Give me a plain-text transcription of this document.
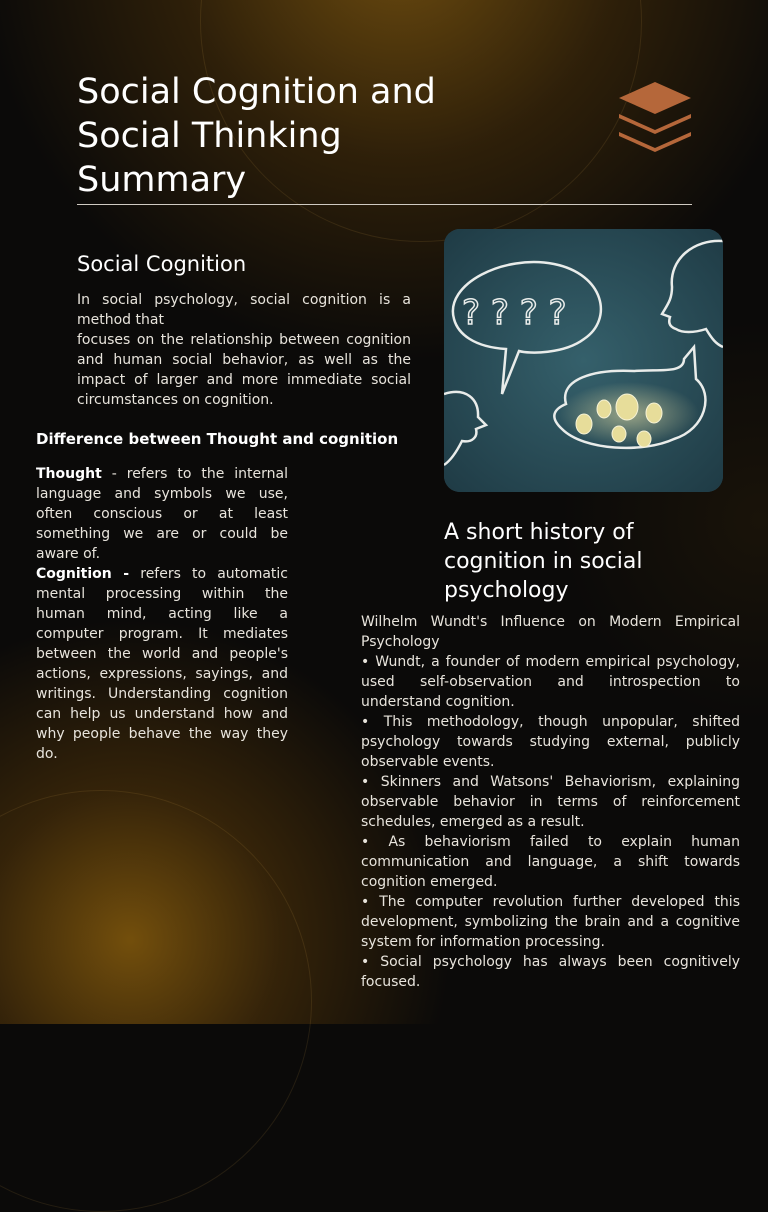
Social Cognition and Social Thinking Summary
Social Cognition
In social psychology, social cognition is a method that
focuses on the relationship between cognition and human social behavior, as well as the impact of larger and more immediate social circumstances on cognition.
Difference between Thought and cognition
Thought - refers to the internal language and symbols we use, often conscious or at least something we are or could be aware of.
Cognition - refers to automatic mental processing within the human mind, acting like a computer program. It mediates between the world and people's actions, expressions, sayings, and writings. Understanding cognition can help us understand how and why people behave the way they do.
? ? ? ?
A short history of cognition in social psychology

Wilhelm Wundt's Influence on Modern Empirical Psychology

• Wundt, a founder of modern empirical psychology, used self-observation and introspection to understand cognition.

• This methodology, though unpopular, shifted psychology towards studying external, publicly observable events.

• Skinners and Watsons' Behaviorism, explaining observable behavior in terms of reinforcement schedules, emerged as a result.

• As behaviorism failed to explain human communication and language, a shift towards cognition emerged.

• The computer revolution further developed this development, symbolizing the brain and a cognitive system for information processing.

• Social psychology has always been cognitively focused.
